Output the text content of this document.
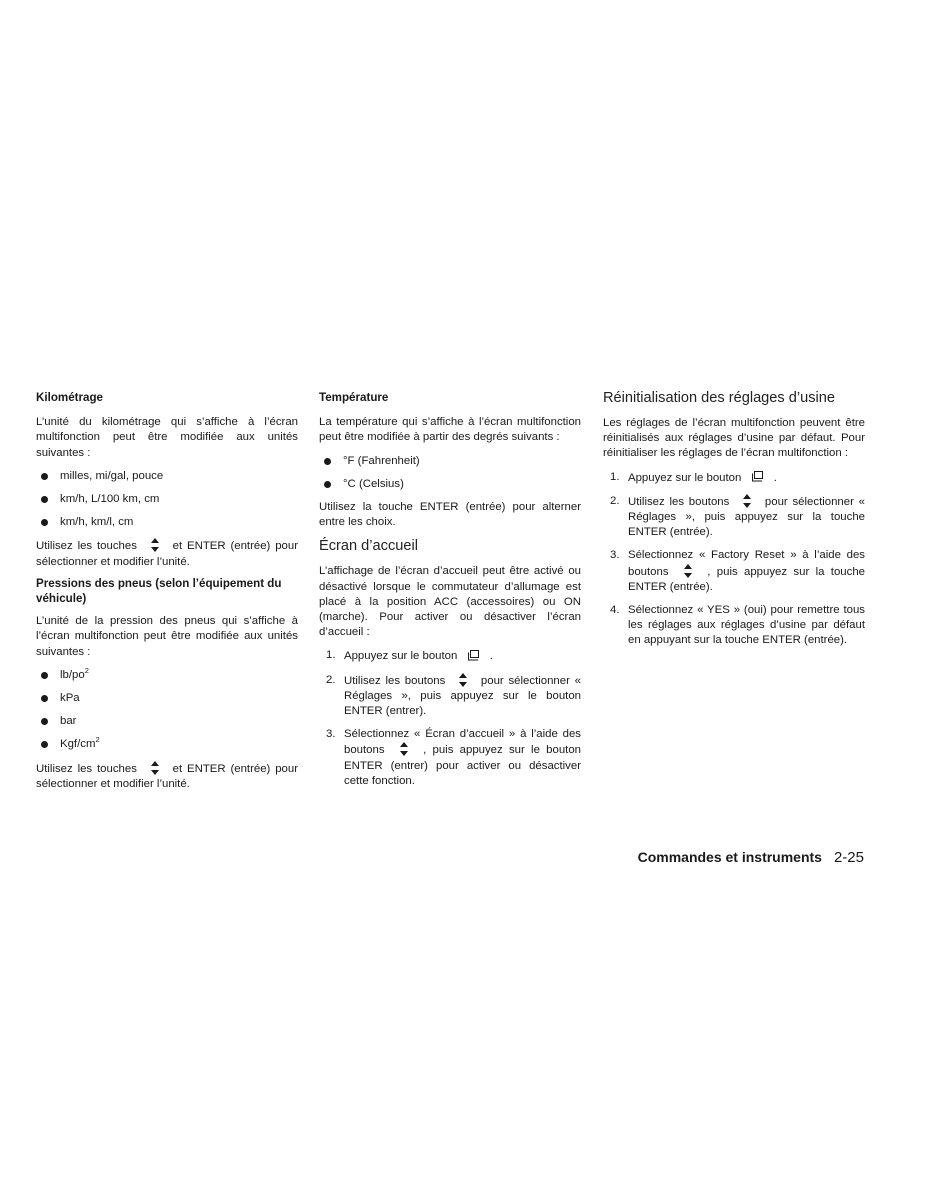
Kilométrage

L’unité du kilométrage qui s’affiche à l’écran multifonction peut être modifiée aux unités suivantes :

milles, mi/gal, pouce
km/h, L/100 km, cm
km/h, km/l, cm

Utilisez les touches	et ENTER (entrée) pour sélectionner et modifier l’unité.

Pressions des pneus (selon l’équipement du véhicule)

L’unité de la pression des pneus qui s’affiche à l’écran multifonction peut être modifiée aux unités suivantes :

$lb/po^2$
kPa
bar
Kgf/$cm^2$

Utilisez les touches	et ENTER (entrée) pour sélectionner et modifier l’unité.

Température

La température qui s’affiche à l’écran multifonction peut être modifiée à partir des degrés suivants :

°F (Fahrenheit)
°C (Celsius)

Utilisez la touche ENTER (entrée) pour alterner entre les choix.

Écran d’accueil

L’affichage de l’écran d’accueil peut être activé ou désactivé lorsque le commutateur d’allumage est placé à la position ACC (accessoires) ou ON (marche). Pour activer ou désactiver l’écran d’accueil :

1. Appuyez sur le bouton	.
2. Utilisez les boutons	pour sélectionner « Réglages », puis appuyez sur le bouton ENTER (entrer).
3. Sélectionnez « Écran d’accueil » à l’aide des boutons	, puis appuyez sur le bouton ENTER (entrer) pour activer ou désactiver cette fonction.
Réinitialisation des réglages d’usine

Les réglages de l’écran multifonction peuvent être réinitialisés aux réglages d’usine par défaut. Pour réinitialiser les réglages de l’écran multifonction :

1. Appuyez sur le bouton	.
2. Utilisez les boutons	pour sélectionner « Réglages », puis appuyez sur la touche ENTER (entrée).
3. Sélectionnez « Factory Reset » à l’aide des boutons	, puis appuyez sur la touche ENTER (entrée).
4. Sélectionnez « YES » (oui) pour remettre tous les réglages aux réglages d’usine par défaut en appuyant sur la touche ENTER (entrée).
Commandes et instruments 2-25
